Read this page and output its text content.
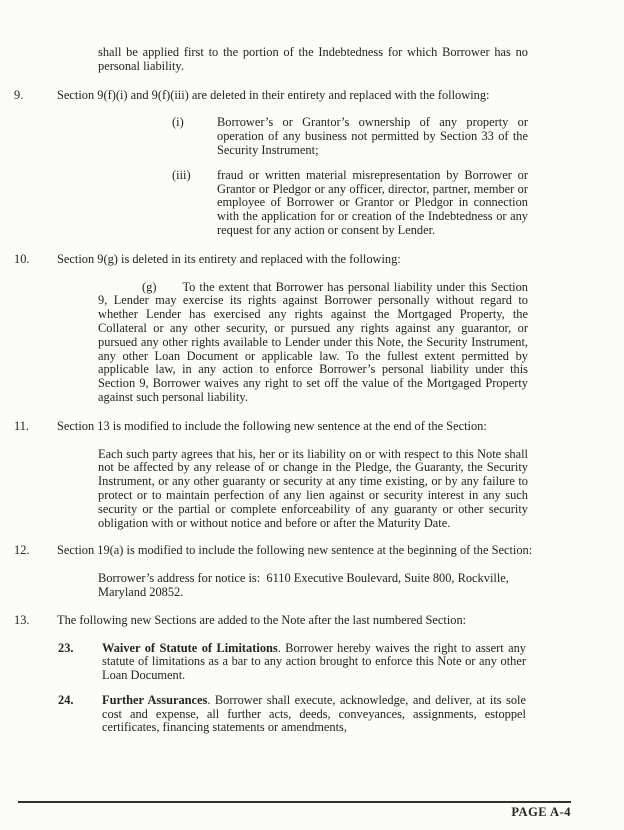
shall be applied first to the portion of the Indebtedness for which Borrower has no personal liability.

9.	Section 9(f)(i) and 9(f)(iii) are deleted in their entirety and replaced with the following:

(i)	Borrower’s or Grantor’s ownership of any property or operation of any business not permitted by Section 33 of the Security Instrument;
(iii)	fraud or written material misrepresentation by Borrower or Grantor or Pledgor or any officer, director, partner, member or employee of Borrower or Grantor or Pledgor in connection with the application for or creation of the Indebtedness or any request for any action or consent by Lender.

10. Section 9(g) is deleted in its entirety and replaced with the following:

(g) To the extent that Borrower has personal liability under this Section 9, Lender may exercise its rights against Borrower personally without regard to whether Lender has exercised any rights against the Mortgaged Property, the Collateral or any other security, or pursued any rights against any guarantor, or pursued any other rights available to Lender under this Note, the Security Instrument, any other Loan Document or applicable law. To the fullest extent permitted by applicable law, in any action to enforce Borrower’s personal liability under this Section 9, Borrower waives any right to set off the value of the Mortgaged Property against such personal liability.

11. Section 13 is modified to include the following new sentence at the end of the Section:

Each such party agrees that his, her or its liability on or with respect to this Note shall not be affected by any release of or change in the Pledge, the Guaranty, the Security Instrument, or any other guaranty or security at any time existing, or by any failure to protect or to maintain perfection of any lien against or security interest in any such security or the partial or complete enforceability of any guaranty or other security obligation with or without notice and before or after the Maturity Date.

12. Section 19(a) is modified to include the following new sentence at the beginning of the Section:

Borrower’s address for notice is:  6110 Executive Boulevard, Suite 800, Rockville, Maryland 20852.

13. The following new Sections are added to the Note after the last numbered Section:

23.	Waiver of Statute of Limitations. Borrower hereby waives the right to assert any statute of limitations as a bar to any action brought to enforce this Note or any other Loan Document.
24.	Further Assurances. Borrower shall execute, acknowledge, and deliver, at its sole cost and expense, all further acts, deeds, conveyances, assignments, estoppel certificates, financing statements or amendments,
PAGE A-4
